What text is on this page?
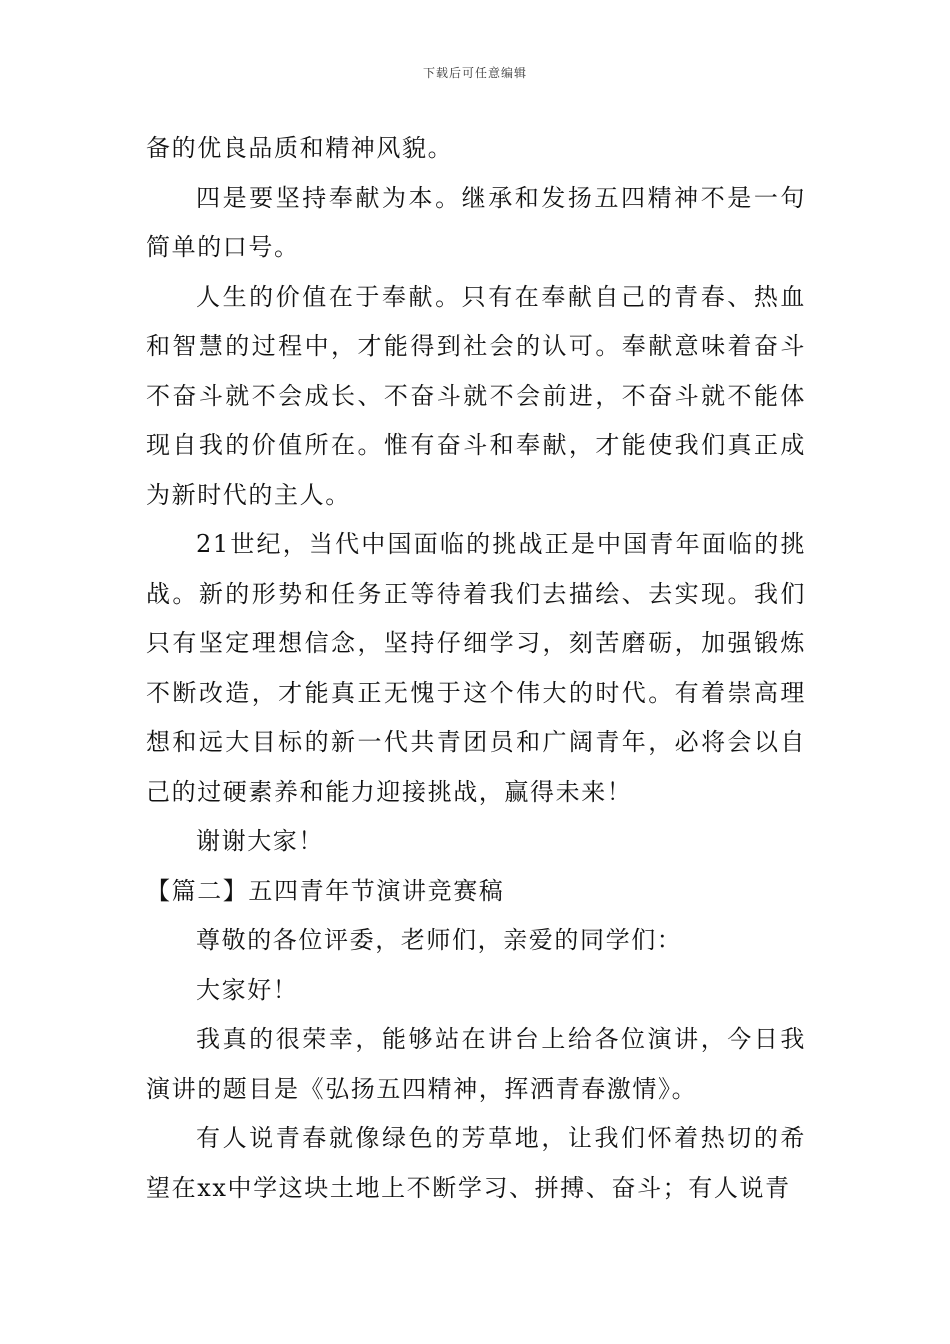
下载后可任意编辑

备的优良品质和精神风貌。

四是要坚持奉献为本。继承和发扬五四精神不是一句简单的口号。

人生的价值在于奉献。只有在奉献自己的青春、热血和智慧的过程中，才能得到社会的认可。奉献意味着奋斗不奋斗就不会成长、不奋斗就不会前进，不奋斗就不能体现自我的价值所在。惟有奋斗和奉献，才能使我们真正成为新时代的主人。

21世纪，当代中国面临的挑战正是中国青年面临的挑战。新的形势和任务正等待着我们去描绘、去实现。我们只有坚定理想信念，坚持仔细学习，刻苦磨砺，加强锻炼不断改造，才能真正无愧于这个伟大的时代。有着崇高理想和远大目标的新一代共青团员和广阔青年，必将会以自己的过硬素养和能力迎接挑战，赢得未来！

谢谢大家！

【篇二】五四青年节演讲竞赛稿

尊敬的各位评委，老师们，亲爱的同学们：

大家好！

我真的很荣幸，能够站在讲台上给各位演讲，今日我演讲的题目是《弘扬五四精神，挥洒青春激情》。

有人说青春就像绿色的芳草地，让我们怀着热切的希望在xx中学这块土地上不断学习、拼搏、奋斗；有人说青
